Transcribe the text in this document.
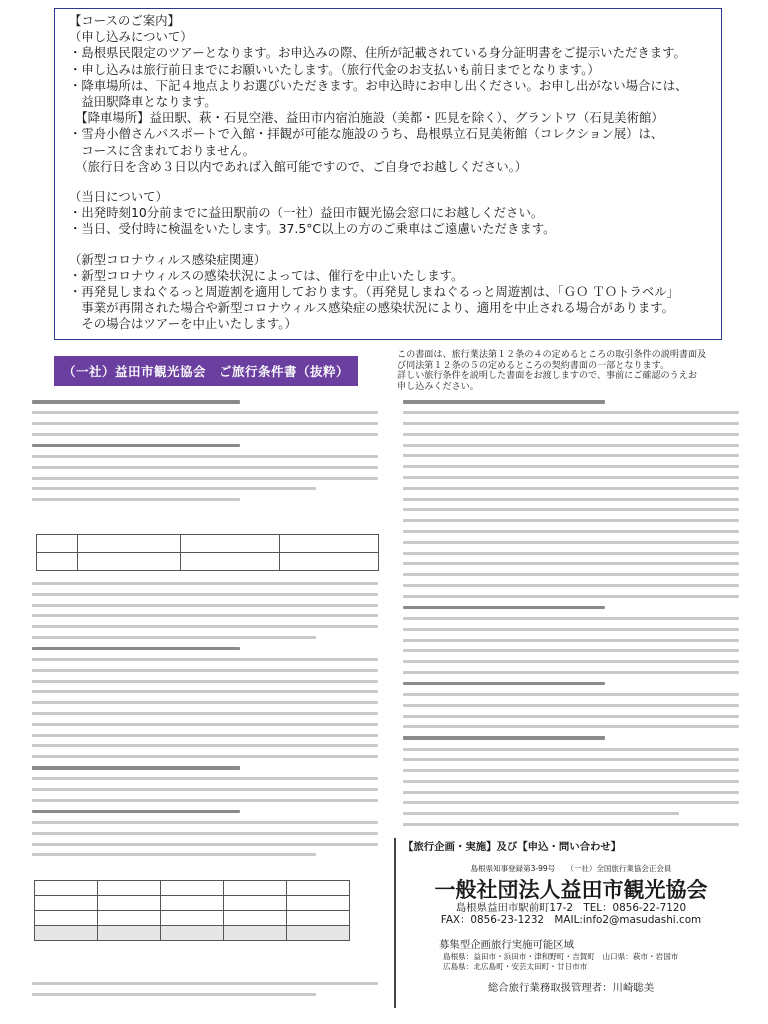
【コースのご案内】

（申し込みについて）

・島根県民限定のツアーとなります。お申込みの際、住所が記載されている身分証明書をご提示いただきます。

・申し込みは旅行前日までにお願いいたします。（旅行代金のお支払いも前日までとなります。）

・降車場所は、下記４地点よりお選びいただきます。お申込時にお申し出ください。お申し出がない場合には、

　益田駅降車となります。

　【降車場所】益田駅、萩・石見空港、益田市内宿泊施設（美都・匹見を除く）、グラントワ（石見美術館）

・雪舟小僧さんパスポートで入館・拝観が可能な施設のうち、島根県立石見美術館（コレクション展）は、

　コースに含まれておりません。

　（旅行日を含め３日以内であれば入館可能ですので、ご自身でお越しください。）

（当日について）

・出発時刻10分前までに益田駅前の（一社）益田市観光協会窓口にお越しください。

・当日、受付時に検温をいたします。37.5°C以上の方のご乗車はご遠慮いただきます。

（新型コロナウィルス感染症関連）

・新型コロナウィルスの感染状況によっては、催行を中止いたします。

・再発見しまねぐるっと周遊割を適用しております。（再発見しまねぐるっと周遊割は、「ＧＯ ＴＯトラベル」

　事業が再開された場合や新型コロナウィルス感染症の感染状況により、適用を中止される場合があります。

　その場合はツアーを中止いたします。）

（一社）益田市観光協会　ご旅行条件書（抜粋）

この書面は、旅行業法第１２条の４の定めるところの取引条件の説明書面及

び同法第１２条の５の定めるところの契約書面の一部となります。

詳しい旅行条件を説明した書面をお渡しますので、事前にご確認のうえお

申し込みください。

【旅行企画・実施】及び【申込・問い合わせ】
島根県知事登録第3-99号　　（一社）全国旅行業協会正会員
一般社団法人益田市観光協会
島根県益田市駅前町17-2　TEL：0856-22-7120
FAX：0856-23-1232　MAIL:info2@masudashi.com
募集型企画旅行実施可能区域
島根県：益田市・浜田市・津和野町・吉賀町　山口県：萩市・岩国市
広島県：北広島町・安芸太田町・廿日市市
総合旅行業務取扱管理者：川崎聡美
